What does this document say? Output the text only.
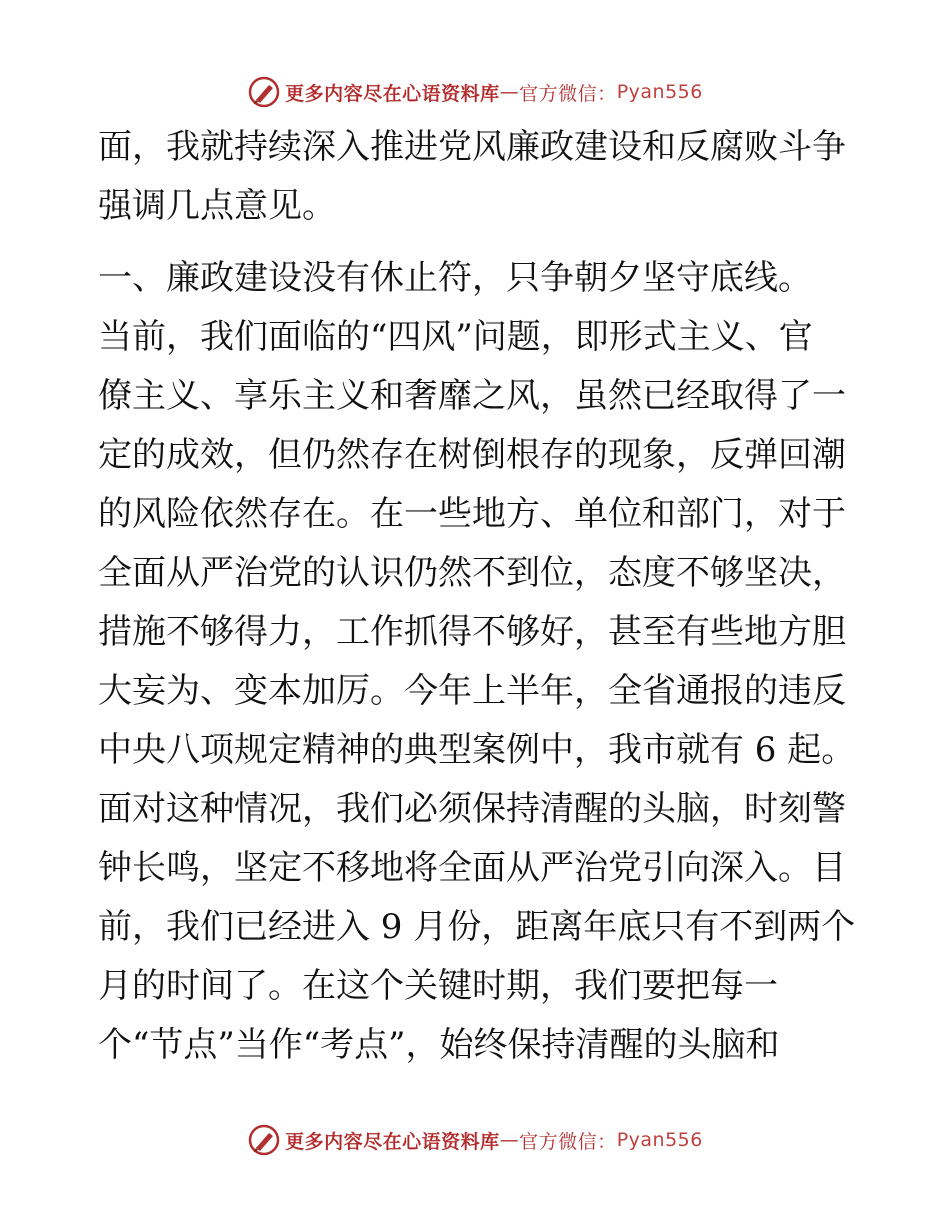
更多内容尽在心语资料库 — 官方微信： Pyan556
面，我就持续深入推进党风廉政建设和反腐败斗争
强调几点意见。
一、廉政建设没有休止符，只争朝夕坚守底线。
当前，我们面临的“四风”问题，即形式主义、官
僚主义、享乐主义和奢靡之风，虽然已经取得了一
定的成效，但仍然存在树倒根存的现象，反弹回潮
的风险依然存在。在一些地方、单位和部门，对于
全面从严治党的认识仍然不到位，态度不够坚决，
措施不够得力，工作抓得不够好，甚至有些地方胆
大妄为、变本加厉。今年上半年，全省通报的违反
中央八项规定精神的典型案例中，我市就有 6 起。
面对这种情况，我们必须保持清醒的头脑，时刻警
钟长鸣，坚定不移地将全面从严治党引向深入。目
前，我们已经进入 9 月份，距离年底只有不到两个
月的时间了。在这个关键时期，我们要把每一
个“节点”当作“考点”，始终保持清醒的头脑和
更多内容尽在心语资料库 — 官方微信： Pyan556
